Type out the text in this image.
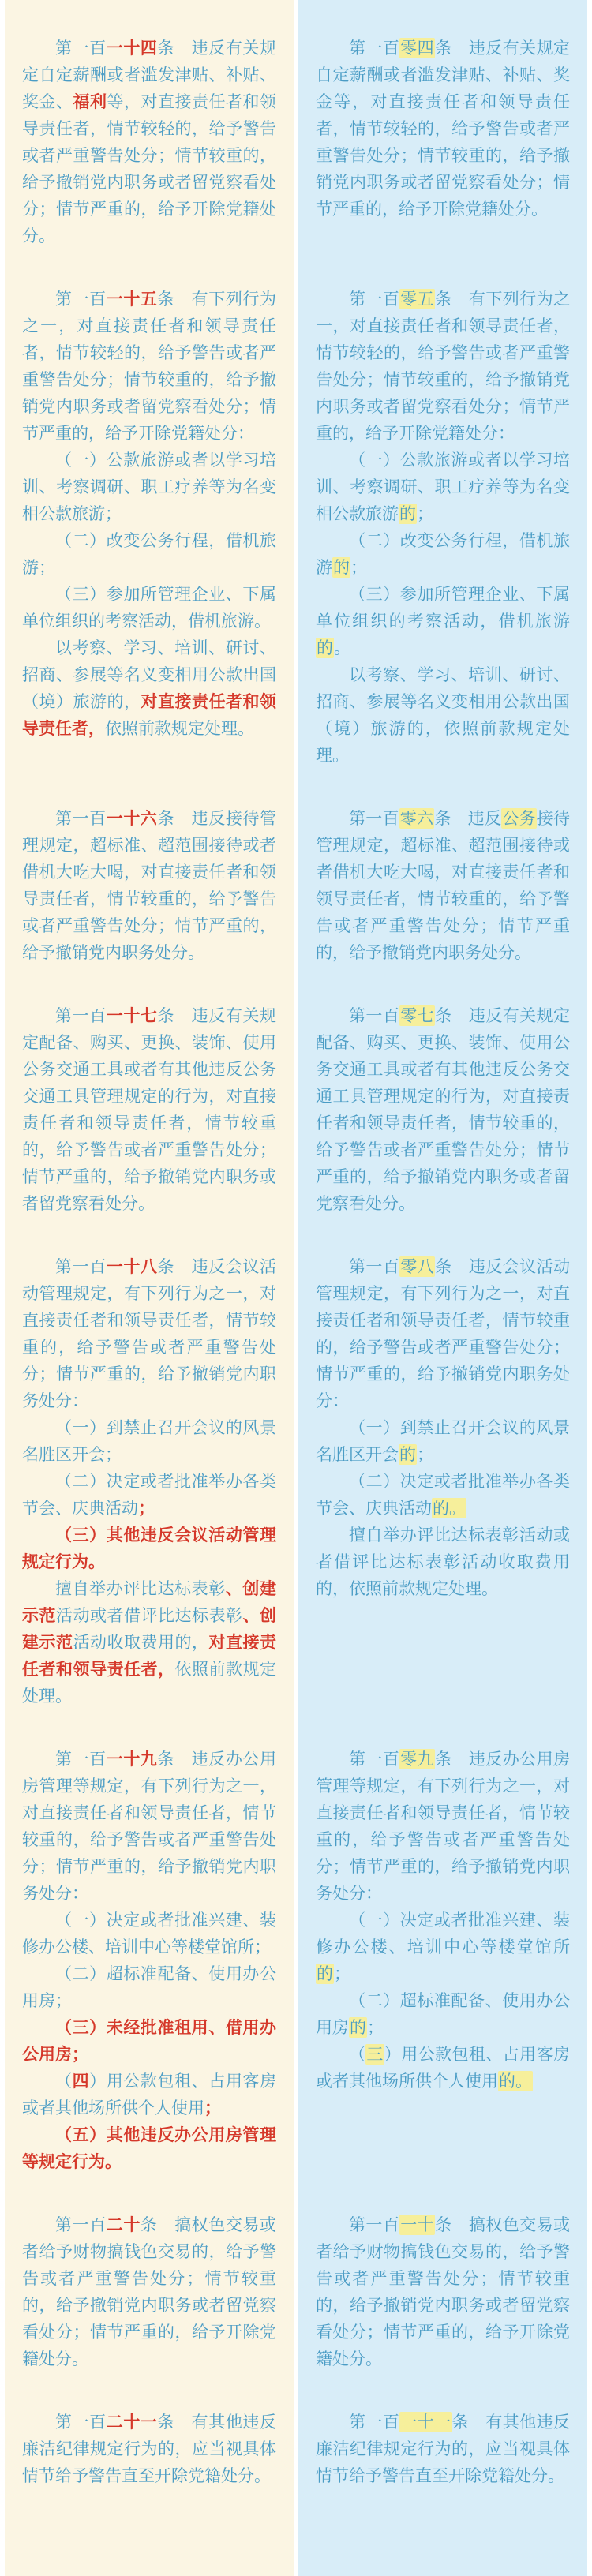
第一百一十四条　违反有关规定自定薪酬或者滥发津贴、补贴、奖金、福利等，对直接责任者和领导责任者，情节较轻的，给予警告或者严重警告处分；情节较重的，给予撤销党内职务或者留党察看处分；情节严重的，给予开除党籍处分。

第一百零四条　违反有关规定自定薪酬或者滥发津贴、补贴、奖金等，对直接责任者和领导责任者，情节较轻的，给予警告或者严重警告处分；情节较重的，给予撤销党内职务或者留党察看处分；情节严重的，给予开除党籍处分。

第一百一十五条　有下列行为之一，对直接责任者和领导责任者，情节较轻的，给予警告或者严重警告处分；情节较重的，给予撤销党内职务或者留党察看处分；情节严重的，给予开除党籍处分：

（一）公款旅游或者以学习培训、考察调研、职工疗养等为名变相公款旅游；

（二）改变公务行程，借机旅游；

（三）参加所管理企业、下属单位组织的考察活动，借机旅游。

以考察、学习、培训、研讨、招商、参展等名义变相用公款出国（境）旅游的，对直接责任者和领导责任者，依照前款规定处理。

第一百零五条　有下列行为之一，对直接责任者和领导责任者，情节较轻的，给予警告或者严重警告处分；情节较重的，给予撤销党内职务或者留党察看处分；情节严重的，给予开除党籍处分：

（一）公款旅游或者以学习培训、考察调研、职工疗养等为名变相公款旅游的；

（二）改变公务行程，借机旅游的；

（三）参加所管理企业、下属单位组织的考察活动，借机旅游的。

以考察、学习、培训、研讨、招商、参展等名义变相用公款出国（境）旅游的，依照前款规定处理。

第一百一十六条　违反接待管理规定，超标准、超范围接待或者借机大吃大喝，对直接责任者和领导责任者，情节较重的，给予警告或者严重警告处分；情节严重的，给予撤销党内职务处分。

第一百零六条　违反公务接待管理规定，超标准、超范围接待或者借机大吃大喝，对直接责任者和领导责任者，情节较重的，给予警告或者严重警告处分；情节严重的，给予撤销党内职务处分。

第一百一十七条　违反有关规定配备、购买、更换、装饰、使用公务交通工具或者有其他违反公务交通工具管理规定的行为，对直接责任者和领导责任者，情节较重的，给予警告或者严重警告处分；情节严重的，给予撤销党内职务或者留党察看处分。

第一百零七条　违反有关规定配备、购买、更换、装饰、使用公务交通工具或者有其他违反公务交通工具管理规定的行为，对直接责任者和领导责任者，情节较重的，给予警告或者严重警告处分；情节严重的，给予撤销党内职务或者留党察看处分。

第一百一十八条　违反会议活动管理规定，有下列行为之一，对直接责任者和领导责任者，情节较重的，给予警告或者严重警告处分；情节严重的，给予撤销党内职务处分：

（一）到禁止召开会议的风景名胜区开会；

（二）决定或者批准举办各类节会、庆典活动；

（三）其他违反会议活动管理规定行为。

擅自举办评比达标表彰、创建示范活动或者借评比达标表彰、创建示范活动收取费用的，对直接责任者和领导责任者，依照前款规定处理。

第一百零八条　违反会议活动管理规定，有下列行为之一，对直接责任者和领导责任者，情节较重的，给予警告或者严重警告处分；情节严重的，给予撤销党内职务处分：

（一）到禁止召开会议的风景名胜区开会的；

（二）决定或者批准举办各类节会、庆典活动的。

擅自举办评比达标表彰活动或者借评比达标表彰活动收取费用的，依照前款规定处理。

第一百一十九条　违反办公用房管理等规定，有下列行为之一，对直接责任者和领导责任者，情节较重的，给予警告或者严重警告处分；情节严重的，给予撤销党内职务处分：

（一）决定或者批准兴建、装修办公楼、培训中心等楼堂馆所；

（二）超标准配备、使用办公用房；

（三）未经批准租用、借用办公用房；

（四）用公款包租、占用客房或者其他场所供个人使用；

（五）其他违反办公用房管理等规定行为。

第一百零九条　违反办公用房管理等规定，有下列行为之一，对直接责任者和领导责任者，情节较重的，给予警告或者严重警告处分；情节严重的，给予撤销党内职务处分：

（一）决定或者批准兴建、装修办公楼、培训中心等楼堂馆所的；

（二）超标准配备、使用办公用房的；

（三）用公款包租、占用客房或者其他场所供个人使用的。

第一百二十条　搞权色交易或者给予财物搞钱色交易的，给予警告或者严重警告处分；情节较重的，给予撤销党内职务或者留党察看处分；情节严重的，给予开除党籍处分。

第一百一十条　搞权色交易或者给予财物搞钱色交易的，给予警告或者严重警告处分；情节较重的，给予撤销党内职务或者留党察看处分；情节严重的，给予开除党籍处分。

第一百二十一条　有其他违反廉洁纪律规定行为的，应当视具体情节给予警告直至开除党籍处分。

第一百一十一条　有其他违反廉洁纪律规定行为的，应当视具体情节给予警告直至开除党籍处分。
